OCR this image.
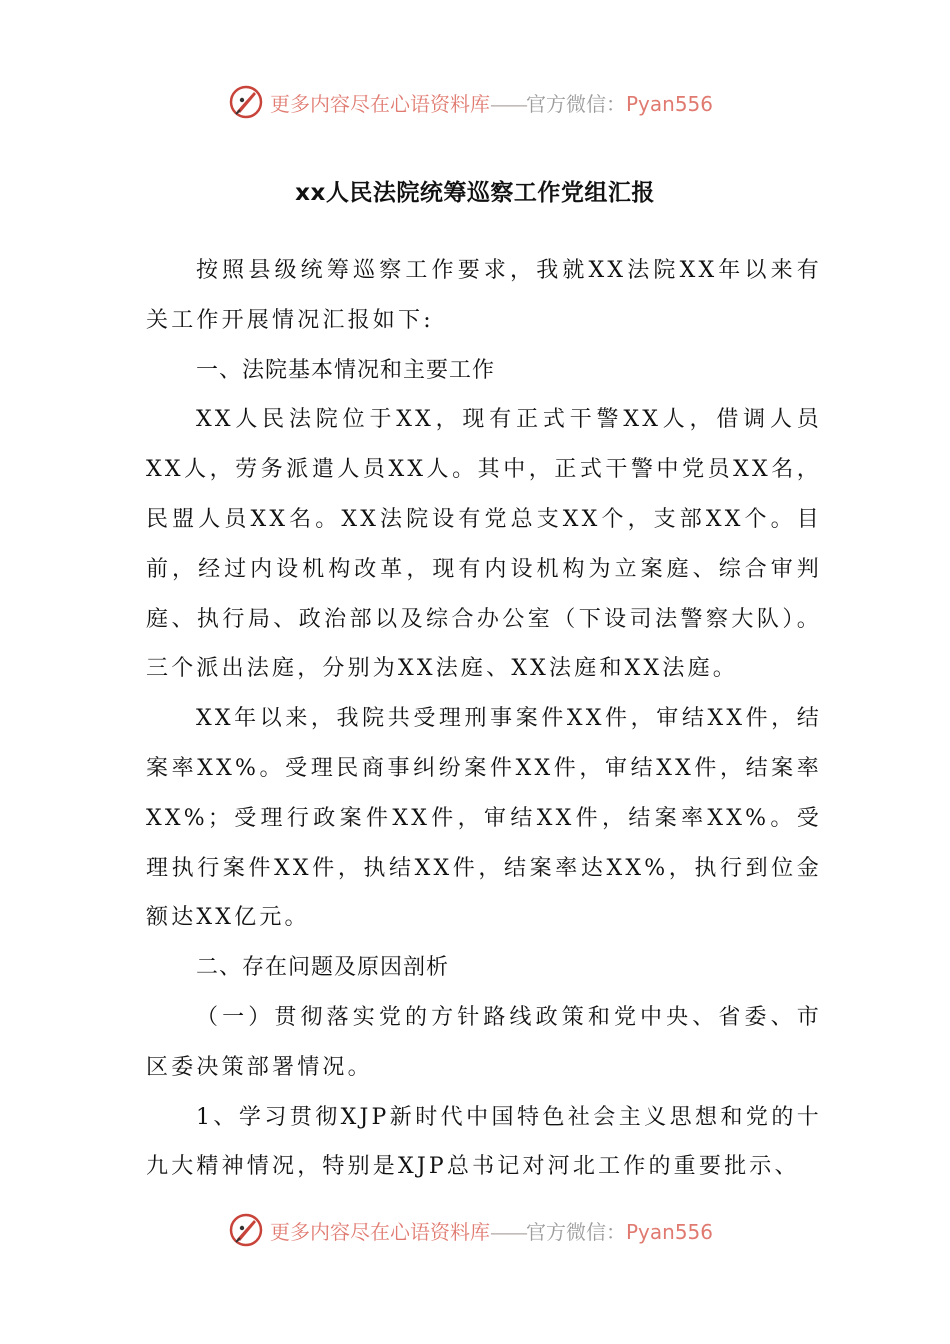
更多内容尽在心语资料库——官方微信：Pyan556
xx人民法院统筹巡察工作党组汇报

按照县级统筹巡察工作要求，我就XX法院XX年以来有关工作开展情况汇报如下:

一、法院基本情况和主要工作

XX人民法院位于XX，现有正式干警XX人，借调人员XX人，劳务派遣人员XX人。其中，正式干警中党员XX名，民盟人员XX名。XX法院设有党总支XX个，支部XX个。目前，经过内设机构改革，现有内设机构为立案庭、综合审判庭、执行局、政治部以及综合办公室（下设司法警察大队）。三个派出法庭，分别为XX法庭、XX法庭和XX法庭。

XX年以来，我院共受理刑事案件XX件，审结XX件，结案率XX%。受理民商事纠纷案件XX件，审结XX件，结案率XX%；受理行政案件XX件，审结XX件，结案率XX%。受理执行案件XX件，执结XX件，结案率达XX%，执行到位金额达XX亿元。

二、存在问题及原因剖析

（一）贯彻落实党的方针路线政策和党中央、省委、市区委决策部署情况。

1、学习贯彻XJP新时代中国特色社会主义思想和党的十九大精神情况，特别是XJP总书记对河北工作的重要批示、

更多内容尽在心语资料库——官方微信：Pyan556
